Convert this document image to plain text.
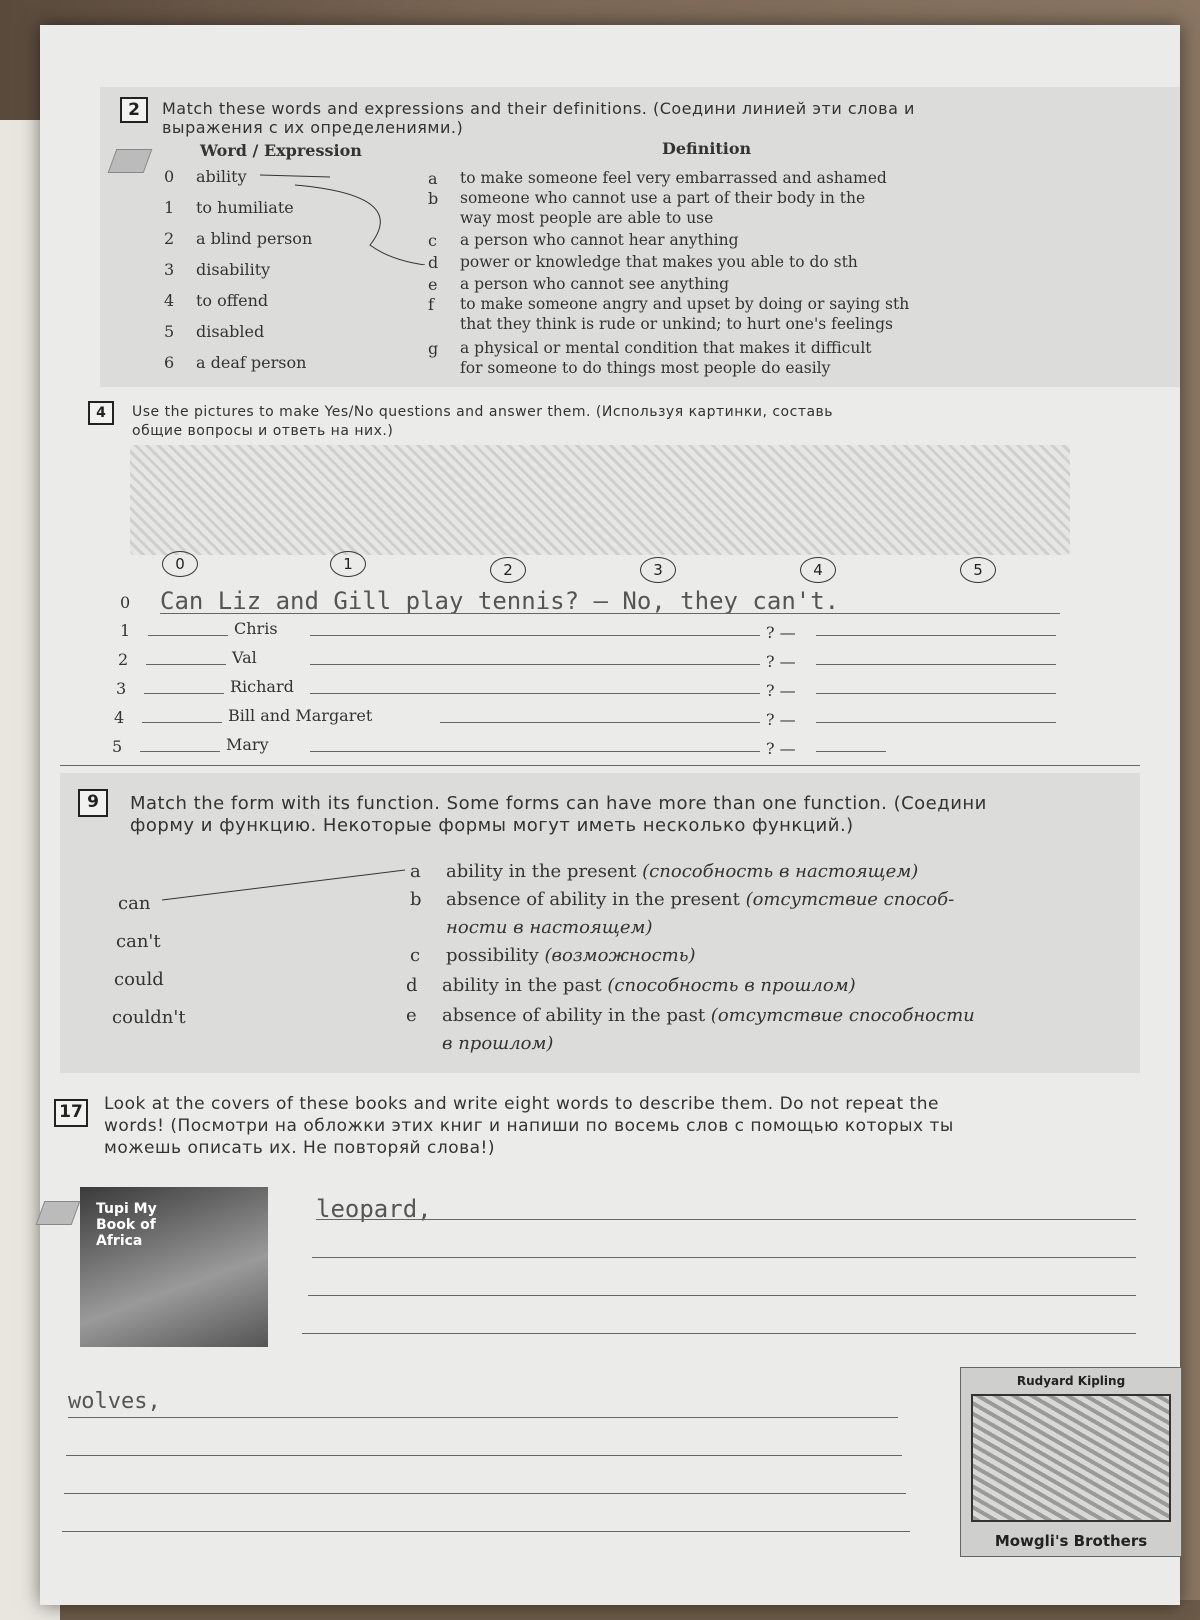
2	Match these words and expressions and their definitions. (Соедини линией эти слова и
выражения с их определениями.)
Word / Expression	Definition
0 ability
1 to humiliate
2 a blind person
3 disability
4 to offend
5 disabled
6 a deaf person
a to make someone feel very embarrassed and ashamed
b someone who cannot use a part of their body in the
way most people are able to use
c a person who cannot hear anything
d power or knowledge that makes you able to do sth
e a person who cannot see anything
f to make someone angry and upset by doing or saying sth
that they think is rude or unkind; to hurt one's feelings
g a physical or mental condition that makes it difficult
for someone to do things most people do easily
4	Use the pictures to make Yes/No questions and answer them. (Используя картинки, составь
общие вопросы и ответь на них.)
0	1	2	3	4	5
Can Liz and Gill play tennis? — No, they can't.
0
1	Chris	? —
2	Val	? —
3	Richard	? —
4	Bill and Margaret	? —
5	Mary	? —
9	Match the form with its function. Some forms can have more than one function. (Соедини
форму и функцию. Некоторые формы могут иметь несколько функций.)
can
can't
could
couldn't
a ability in the present (способность в настоящем)
b absence of ability in the present (отсутствие способ-
ности в настоящем)
c possibility (возможность)
d ability in the past (способность в прошлом)
e absence of ability in the past (отсутствие способности
в прошлом)
17	Look at the covers of these books and write eight words to describe them. Do not repeat the
words! (Посмотри на обложки этих книг и напиши по восемь слов с помощью которых ты
можешь описать их. Не повторяй слова!)
Tupi My Book of Africa
leopard,
wolves,
Rudyard Kipling
Mowgli's Brothers
